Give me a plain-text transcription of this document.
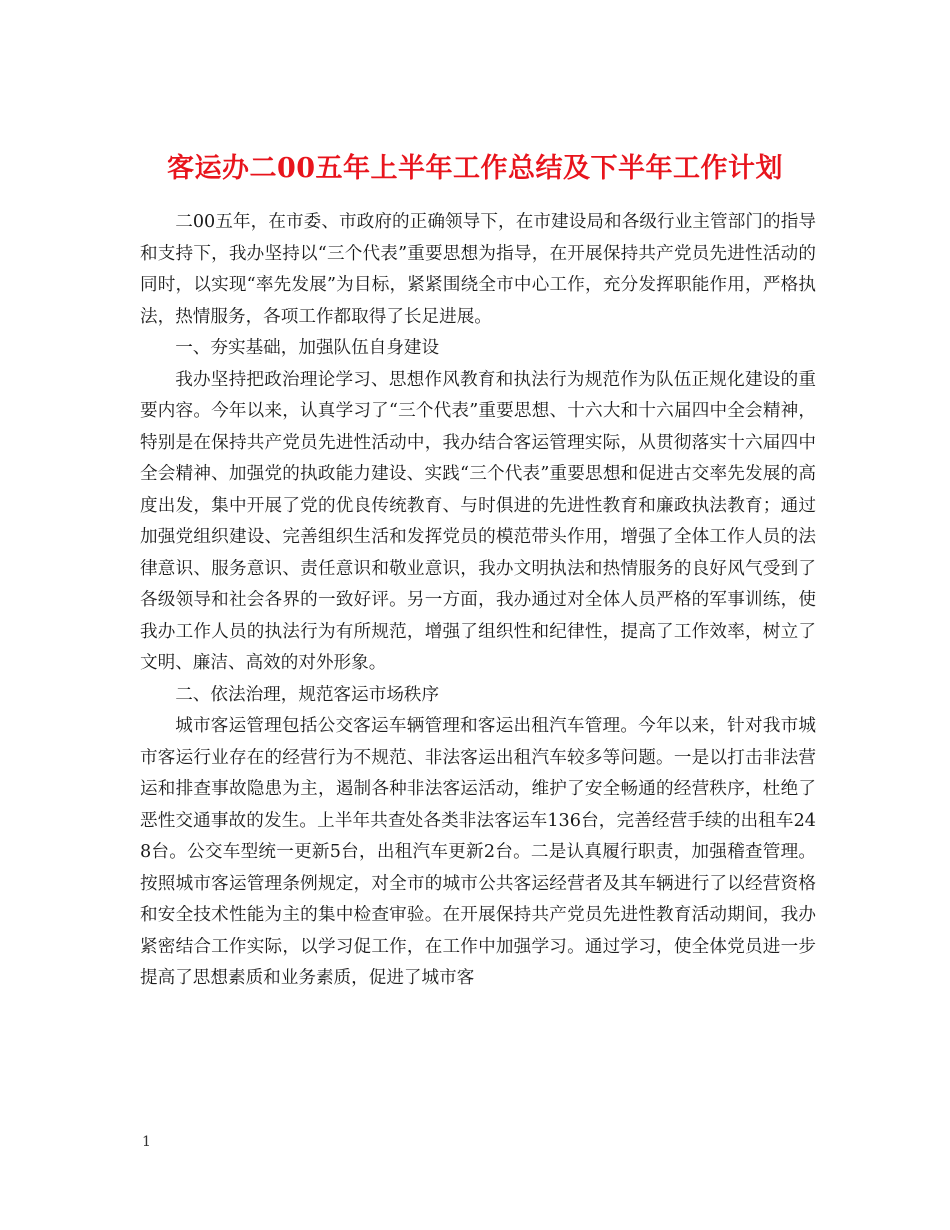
客运办二00五年上半年工作总结及下半年工作计划

二00五年，在市委、市政府的正确领导下，在市建设局和各级行业主管部门的指导和支持下，我办坚持以“三个代表”重要思想为指导，在开展保持共产党员先进性活动的同时，以实现“率先发展”为目标，紧紧围绕全市中心工作，充分发挥职能作用，严格执法，热情服务，各项工作都取得了长足进展。

一、夯实基础，加强队伍自身建设

我办坚持把政治理论学习、思想作风教育和执法行为规范作为队伍正规化建设的重要内容。今年以来，认真学习了“三个代表”重要思想、十六大和十六届四中全会精神，特别是在保持共产党员先进性活动中，我办结合客运管理实际，从贯彻落实十六届四中全会精神、加强党的执政能力建设、实践“三个代表”重要思想和促进古交率先发展的高度出发，集中开展了党的优良传统教育、与时俱进的先进性教育和廉政执法教育；通过加强党组织建设、完善组织生活和发挥党员的模范带头作用，增强了全体工作人员的法律意识、服务意识、责任意识和敬业意识，我办文明执法和热情服务的良好风气受到了各级领导和社会各界的一致好评。另一方面，我办通过对全体人员严格的军事训练，使我办工作人员的执法行为有所规范，增强了组织性和纪律性，提高了工作效率，树立了文明、廉洁、高效的对外形象。

二、依法治理，规范客运市场秩序

城市客运管理包括公交客运车辆管理和客运出租汽车管理。今年以来，针对我市城市客运行业存在的经营行为不规范、非法客运出租汽车较多等问题。一是以打击非法营运和排查事故隐患为主，遏制各种非法客运活动，维护了安全畅通的经营秩序，杜绝了恶性交通事故的发生。上半年共查处各类非法客运车136台，完善经营手续的出租车248台。公交车型统一更新5台，出租汽车更新2台。二是认真履行职责，加强稽查管理。按照城市客运管理条例规定，对全市的城市公共客运经营者及其车辆进行了以经营资格和安全技术性能为主的集中检查审验。在开展保持共产党员先进性教育活动期间，我办紧密结合工作实际，以学习促工作，在工作中加强学习。通过学习，使全体党员进一步提高了思想素质和业务素质，促进了城市客

1
